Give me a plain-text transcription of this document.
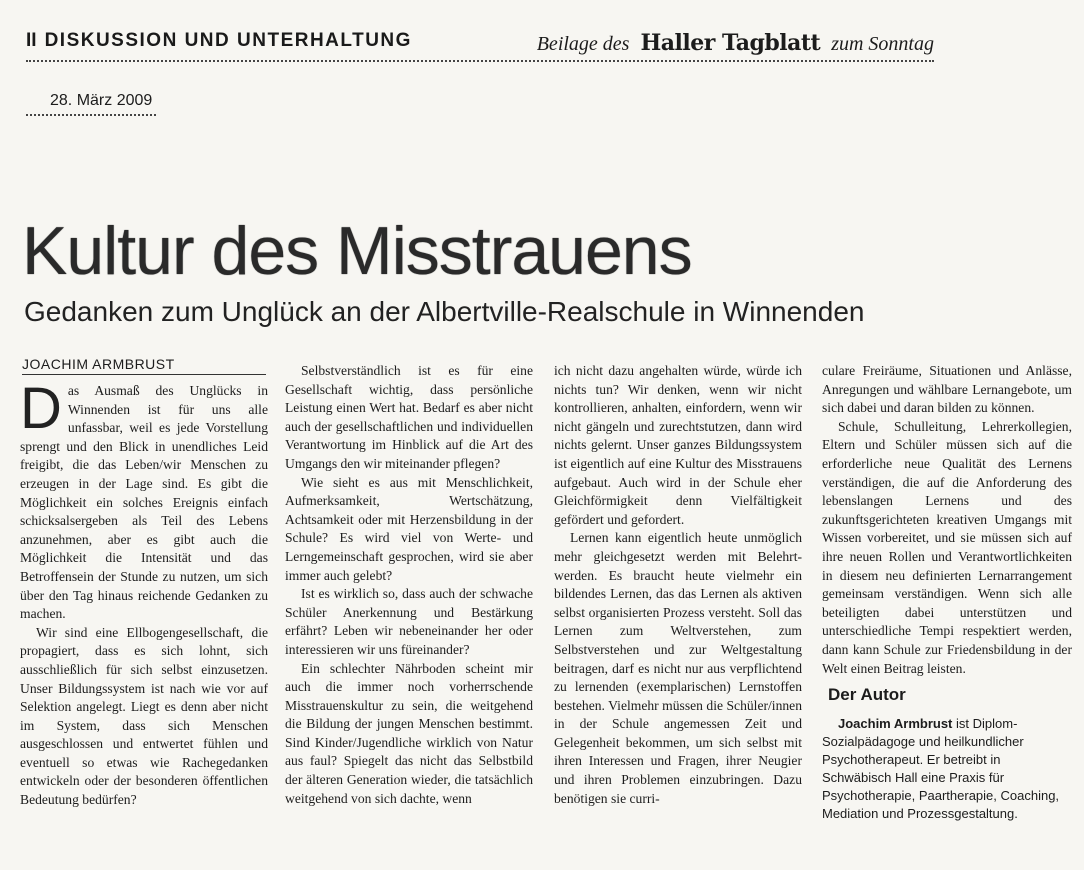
II DISKUSSION UND UNTERHALTUNG	Beilage des Haller Tagblatt zum Sonntag
28. März 2009
Kultur des Misstrauens
Gedanken zum Unglück an der Albertville-Realschule in Winnenden
JOACHIM ARMBRUST
D as Ausmaß des Unglücks in Winnenden ist für uns alle unfassbar, weil es jede Vorstellung sprengt und den Blick in unendliches Leid freigibt, die das Leben/wir Menschen zu erzeugen in der Lage sind. Es gibt die Möglichkeit ein solches Ereignis einfach schicksalsergeben als Teil des Lebens anzunehmen, aber es gibt auch die Möglichkeit die Intensität und das Betroffensein der Stunde zu nutzen, um sich über den Tag hinaus reichende Gedanken zu machen.

Wir sind eine Ellbogengesellschaft, die propagiert, dass es sich lohnt, sich ausschließlich für sich selbst einzusetzen. Unser Bildungssystem ist nach wie vor auf Selektion angelegt. Liegt es denn aber nicht im System, dass sich Menschen ausgeschlossen und entwertet fühlen und eventuell so etwas wie Rachegedanken entwickeln oder der besonderen öffentlichen Bedeutung bedürfen?

Selbstverständlich ist es für eine Gesellschaft wichtig, dass persönliche Leistung einen Wert hat. Bedarf es aber nicht auch der gesellschaftlichen und individuellen Verantwortung im Hinblick auf die Art des Umgangs den wir miteinander pflegen?

Wie sieht es aus mit Menschlichkeit, Aufmerksamkeit, Wertschätzung, Achtsamkeit oder mit Herzensbildung in der Schule? Es wird viel von Werte- und Lerngemeinschaft gesprochen, wird sie aber immer auch gelebt?

Ist es wirklich so, dass auch der schwache Schüler Anerkennung und Bestärkung erfährt? Leben wir nebeneinander her oder interessieren wir uns füreinander?

Ein schlechter Nährboden scheint mir auch die immer noch vorherrschende Misstrauenskultur zu sein, die weitgehend die Bildung der jungen Menschen bestimmt. Sind Kinder/Jugendliche wirklich von Natur aus faul? Spiegelt das nicht das Selbstbild der älteren Generation wieder, die tatsächlich weitgehend von sich dachte, wenn

ich nicht dazu angehalten würde, würde ich nichts tun? Wir denken, wenn wir nicht kontrollieren, anhalten, einfordern, wenn wir nicht gängeln und zurechtstutzen, dann wird nichts gelernt. Unser ganzes Bildungssystem ist eigentlich auf eine Kultur des Misstrauens aufgebaut. Auch wird in der Schule eher Gleichförmigkeit denn Vielfältigkeit gefördert und gefordert.

Lernen kann eigentlich heute unmöglich mehr gleichgesetzt werden mit Belehrt-werden. Es braucht heute vielmehr ein bildendes Lernen, das das Lernen als aktiven selbst organisierten Prozess versteht. Soll das Lernen zum Weltverstehen, zum Selbstverstehen und zur Weltgestaltung beitragen, darf es nicht nur aus verpflichtend zu lernenden (exemplarischen) Lernstoffen bestehen. Vielmehr müssen die Schüler/innen in der Schule angemessen Zeit und Gelegenheit bekommen, um sich selbst mit ihren Interessen und Fragen, ihrer Neugier und ihren Problemen einzubringen. Dazu benötigen sie curri-

culare Freiräume, Situationen und Anlässe, Anregungen und wählbare Lernangebote, um sich dabei und daran bilden zu können.

Schule, Schulleitung, Lehrerkollegien, Eltern und Schüler müssen sich auf die erforderliche neue Qualität des Lernens verständigen, die auf die Anforderung des lebenslangen Lernens und des zukunftsgerichteten kreativen Umgangs mit Wissen vorbereitet, und sie müssen sich auf ihre neuen Rollen und Verantwortlichkeiten in diesem neu definierten Lernarrangement gemeinsam verständigen. Wenn sich alle beteiligten dabei unterstützen und unterschiedliche Tempi respektiert werden, dann kann Schule zur Friedensbildung in der Welt einen Beitrag leisten.

Der Autor

Joachim Armbrust ist Diplom-Sozialpädagoge und heilkundlicher Psychotherapeut. Er betreibt in Schwäbisch Hall eine Praxis für Psychotherapie, Paartherapie, Coaching, Mediation und Prozessgestaltung.
